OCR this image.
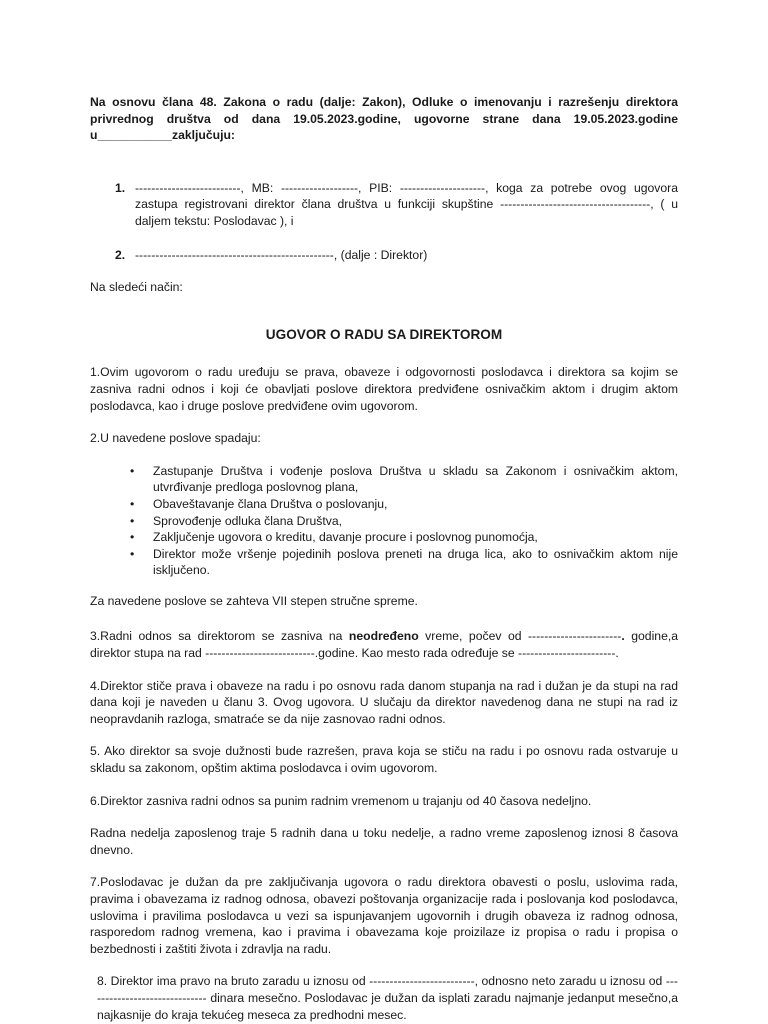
Na osnovu člana 48. Zakona o radu (dalje: Zakon), Odluke o imenovanju i razrešenju direktora privrednog društva od dana 19.05.2023.godine, ugovorne strane dana 19.05.2023.godine u___________zaključuju:

1. --------------------------, MB: -------------------, PIB: ---------------------, koga za potrebe ovog ugovora zastupa registrovani direktor člana društva u funkciji skupštine -------------------------------------, ( u daljem tekstu: Poslodavac ), i
2. -------------------------------------------------, (dalje : Direktor)

Na sledeći način:

UGOVOR O RADU SA DIREKTOROM

1.Ovim ugovorom o radu uređuju se prava, obaveze i odgovornosti poslodavca i direktora sa kojim se zasniva radni odnos i koji će obavljati poslove direktora predviđene osnivačkim aktom i drugim aktom poslodavca, kao i druge poslove predviđene ovim ugovorom.

2.U navedene poslove spadaju:

• Zastupanje Društva i vođenje poslova Društva u skladu sa Zakonom i osnivačkim aktom, utvrđivanje predloga poslovnog plana,
• Obaveštavanje člana Društva o poslovanju,
• Sprovođenje odluka člana Društva,
• Zaključenje ugovora o kreditu, davanje procure i poslovnog punomoćja,
• Direktor može vršenje pojedinih poslova preneti na druga lica, ako to osnivačkim aktom nije isključeno.

Za navedene poslove se zahteva VII stepen stručne spreme.

3.Radni odnos sa direktorom se zasniva na neodređeno vreme, počev od -----------------------. godine,a direktor stupa na rad ---------------------------.godine. Kao mesto rada određuje se ------------------------.

4.Direktor stiče prava i obaveze na radu i po osnovu rada danom stupanja na rad i dužan je da stupi na rad dana koji je naveden u članu 3. Ovog ugovora. U slučaju da direktor navedenog dana ne stupi na rad iz neopravdanih razloga, smatraće se da nije zasnovao radni odnos.

5. Ako direktor sa svoje dužnosti bude razrešen, prava koja se stiču na radu i po osnovu rada ostvaruje u skladu sa zakonom, opštim aktima poslodavca i ovim ugovorom.

6.Direktor zasniva radni odnos sa punim radnim vremenom u trajanju od 40 časova nedeljno.

Radna nedelja zaposlenog traje 5 radnih dana u toku nedelje, a radno vreme zaposlenog iznosi 8 časova dnevno.

7.Poslodavac je dužan da pre zaključivanja ugovora o radu direktora obavesti o poslu, uslovima rada, pravima i obavezama iz radnog odnosa, obavezi poštovanja organizacije rada i poslovanja kod poslodavca, uslovima i pravilima poslodavca u vezi sa ispunjavanjem ugovornih i drugih obaveza iz radnog odnosa, rasporedom radnog vremena, kao i pravima i obavezama koje proizilaze iz propisa o radu i propisa o bezbednosti i zaštiti života i zdravlja na radu.

8. Direktor ima pravo na bruto zaradu u iznosu od --------------------------, odnosno neto zaradu u iznosu od ------------------------------ dinara mesečno. Poslodavac je dužan da isplati zaradu najmanje jedanput mesečno,a najkasnije do kraja tekućeg meseca za predhodni mesec.
